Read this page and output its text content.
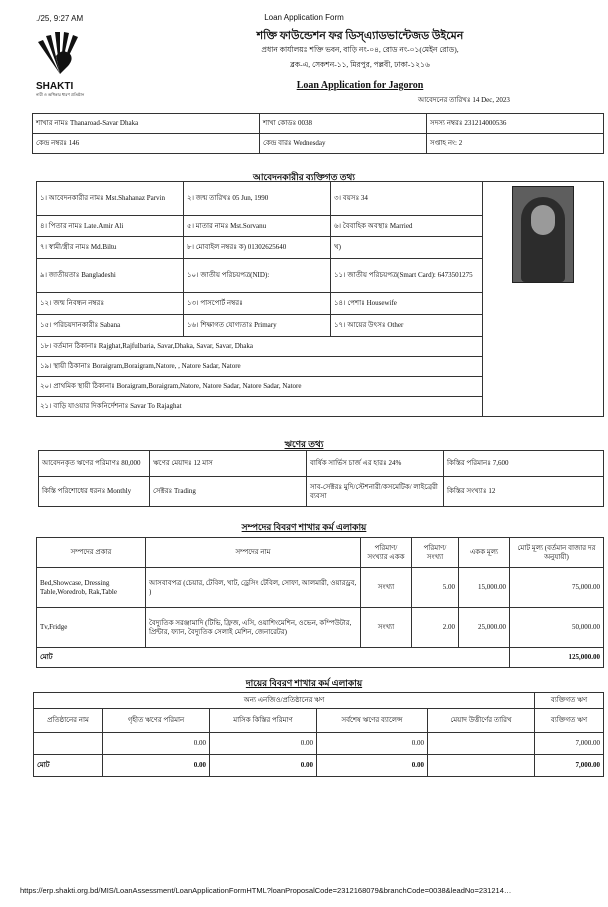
.‌/25, 9:27 AM	Loan Application Form
SHAKTI
নারী ও অধিকার ধারণ প্রতিষ্ঠান
শক্তি ফাউন্ডেশন ফর ডিস্‌এ্যাডভান্টেজড উইমেন
প্রধান কার্যালয়ঃ শক্তি ভবন, বাড়ি নং-০৪, রোড নং-০১(মেইন রোড),
ব্লক-এ, সেকশন-১১, মিরপুর, পল্লবী, ঢাকা-১২১৬
Loan Application for Jagoron
আবেদনের তারিখঃ 14 Dec, 2023
শাখার নামঃ Thanaroad-Savar Dhaka	শাখা কোডঃ 0038	সদস্য নম্বরঃ 231214000536
কেন্দ্র নম্বরঃ 146	কেন্দ্র বারঃ Wednesday	সপ্তাহ নং: 2
আবেদনকারীর ব্যক্তিগত তথ্য
১। আবেদনকারীর নামঃ Mst.Shahanaz Parvin	২। জন্ম তারিখঃ 05 Jun, 1990	৩। বয়সঃ 34	

৪। পিতার নামঃ Late.Amir Ali	৫। মাতার নামঃ Mst.Sorvanu	৬। বৈবাহিক অবস্থাঃ Married	
৭। স্বামী/স্ত্রীর নামঃ Md.Biltu	৮। মোবাইল নম্বরঃ ক) 01302625640	খ)	
৯। জাতীয়তাঃ Bangladeshi	১০। জাতীয় পরিচয়পত্র(NID):	১১। জাতীয় পরিচয়পত্র(Smart Card): 6473501275	
১২। জন্ম নিবন্ধন নম্বরঃ	১৩। পাসপোর্ট নম্বরঃ	১৪। পেশাঃ Housewife	
১৫। পরিচয়দানকারীঃ Sabana	১৬। শিক্ষাগত যোগ্যতাঃ Primary	১৭। আয়ের উৎসঃ Other	
১৮। বর্তমান ঠিকানাঃ Rajghat,Rajfulbaria, Savar,Dhaka, Savar, Savar, Dhaka			
১৯। স্থায়ী ঠিকানাঃ Boraigram,Boraigram,Natore, , Natore Sadar, Natore			
২০। প্রাথমিক স্থায়ী ঠিকানাঃ Boraigram,Boraigram,Natore, Natore Sadar, Natore Sadar, Natore			
২১। বাড়ি যাওয়ার দিকনির্দেশনাঃ Savar To Rajaghat			
ঋণের তথ্য
আবেদনকৃত ঋণের পরিমাণঃ 80,000	ঋণের মেয়াদঃ 12 মাস	বার্ষিক সার্ভিস চার্জ এর হারঃ 24%	কিস্তির পরিমানঃ 7,600
কিস্তি পরিশোধের ধরনঃ Monthly	সেক্টরঃ Trading	সাব-সেক্টরঃ মুদি/স্টেশনারী/কসমেটিক/ লাইব্রেরী ব্যবসা	কিস্তির সংখ্যাঃ 12
সম্পদের বিবরণ শাখার কর্ম এলাকায়
সম্পদের প্রকার	সম্পদের নাম	পরিমাণ/ সংখ্যার একক	পরিমাণ/ সংখ্যা	একক মূল্য	মোট মূল্য (বর্তমান বাজার দর অনুযায়ী)
Bed,Showcase, Dressing Table,Woredrob, Rak,Table	আসবাবপত্র (চেয়ার, টেবিল, খাট, ড্রেসিং টেবিল, সোফা, আলমারী, ওয়ারড্রব, )	সংখ্যা	5.00	15,000.00	75,000.00
Tv,Fridge	বৈদ্যুতিক সরঞ্জামাদি (টিভি, ফ্রিজ, এসি, ওয়াশিংমেশিন, ওভেন, কম্পিউটার, প্রিন্টার, ফ্যান, বৈদ্যুতিক সেলাই মেশিন, জেনারেটর)	সংখ্যা	2.00	25,000.00	50,000.00
মোট					125,000.00
দায়ের বিবরণ শাখার কর্ম এলাকায়
অন্য এনজিও/প্রতিষ্ঠানের ঋণ					ব্যক্তিগত ঋণ
প্রতিষ্ঠানের নাম	গৃহীত ঋণের পরিমান	মাসিক কিস্তির পরিমাণ	সর্বশেষ ঋণের ব্যালেন্স	মেয়াদ উত্তীর্ণের তারিখ	ব্যক্তিগত ঋণ
	0.00	0.00	0.00		7,000.00
মোট	0.00	0.00	0.00		7,000.00
https://erp.shakti.org.bd/MIS/LoanAssessment/LoanApplicationFormHTML?loanProposalCode=2312168079&branchCode=0038&leadNo=231214…
